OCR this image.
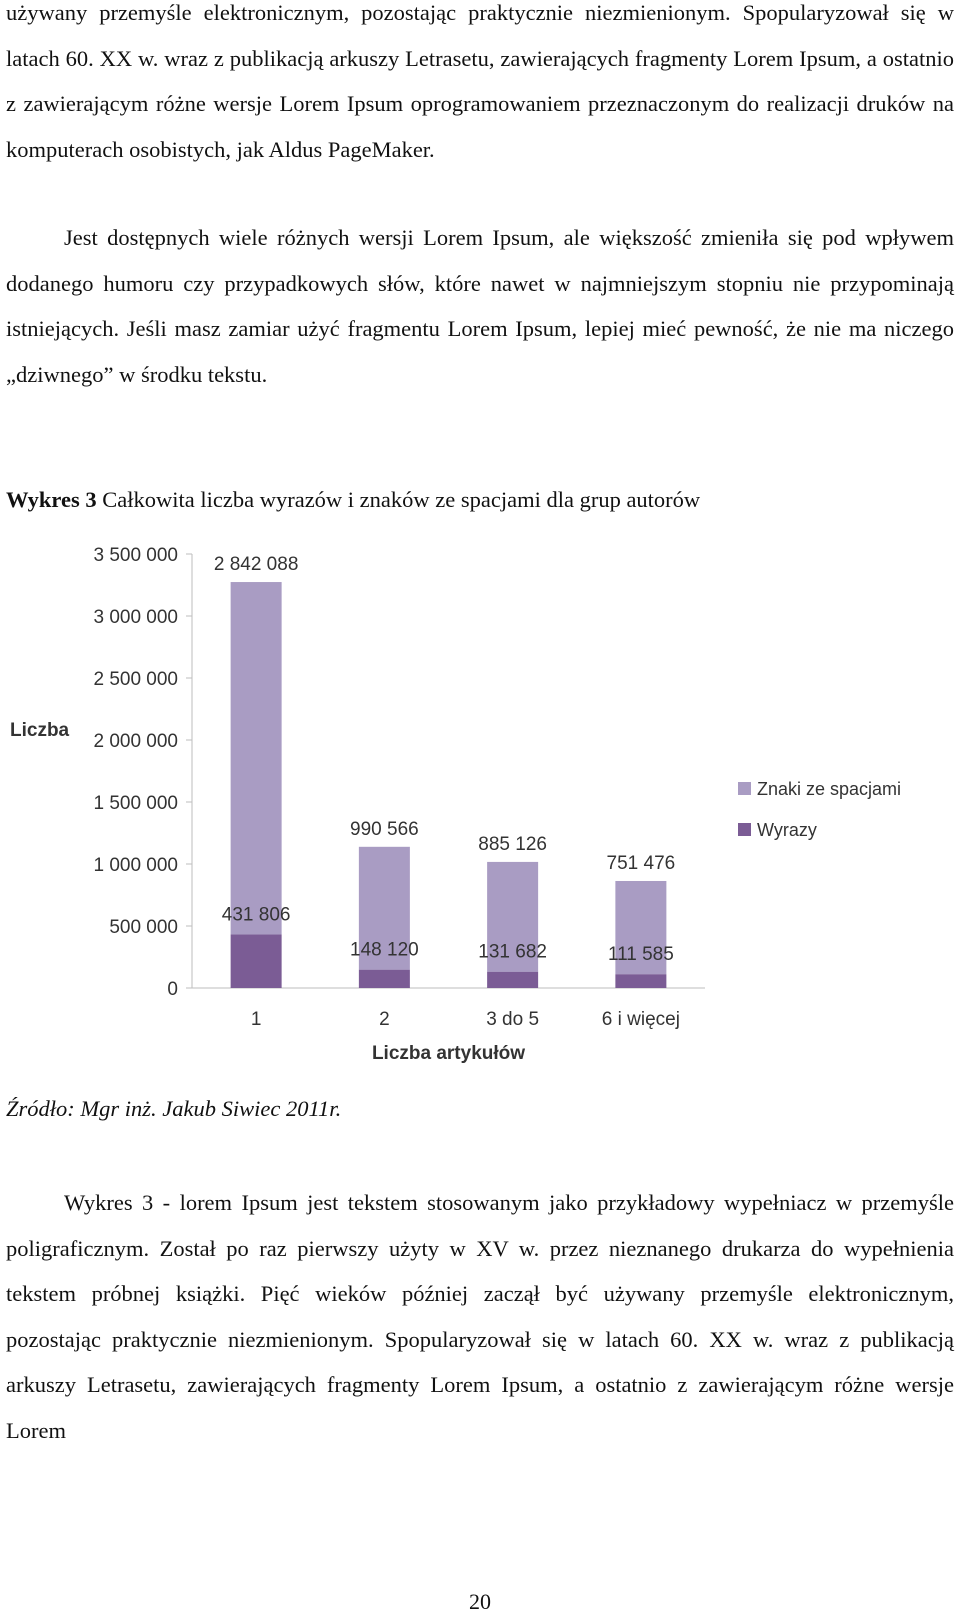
używany przemyśle elektronicznym, pozostając praktycznie niezmienionym. Spopularyzował się w latach 60. XX w. wraz z publikacją arkuszy Letrasetu, zawierających fragmenty Lorem Ipsum, a ostatnio z zawierającym różne wersje Lorem Ipsum oprogramowaniem przeznaczonym do realizacji druków na komputerach osobistych, jak Aldus PageMaker.

Jest dostępnych wiele różnych wersji Lorem Ipsum, ale większość zmieniła się pod wpływem dodanego humoru czy przypadkowych słów, które nawet w najmniejszym stopniu nie przypominają istniejących. Jeśli masz zamiar użyć fragmentu Lorem Ipsum, lepiej mieć pewność, że nie ma niczego „dziwnego” w środku tekstu.

Wykres 3 Całkowita liczba wyrazów i znaków ze spacjami dla grup autorów
0
500 000
1 000 000
1 500 000
2 000 000
2 500 000
3 000 000
3 500 000 2 842 088
431 806
1
990 566
148 120
2
885 126
131 682
3 do 5
751 476
111 585
6 i więcej
Liczba artykułów
Liczba
Znaki ze spacjami
Wyrazy
Źródło: Mgr inż. Jakub Siwiec 2011r.

Wykres 3 - lorem Ipsum jest tekstem stosowanym jako przykładowy wypełniacz w przemyśle poligraficznym. Został po raz pierwszy użyty w XV w. przez nieznanego drukarza do wypełnienia tekstem próbnej książki. Pięć wieków później zaczął być używany przemyśle elektronicznym, pozostając praktycznie niezmienionym. Spopularyzował się w latach 60. XX w. wraz z publikacją arkuszy Letrasetu, zawierających fragmenty Lorem Ipsum, a ostatnio z zawierającym różne wersje Lorem

20
